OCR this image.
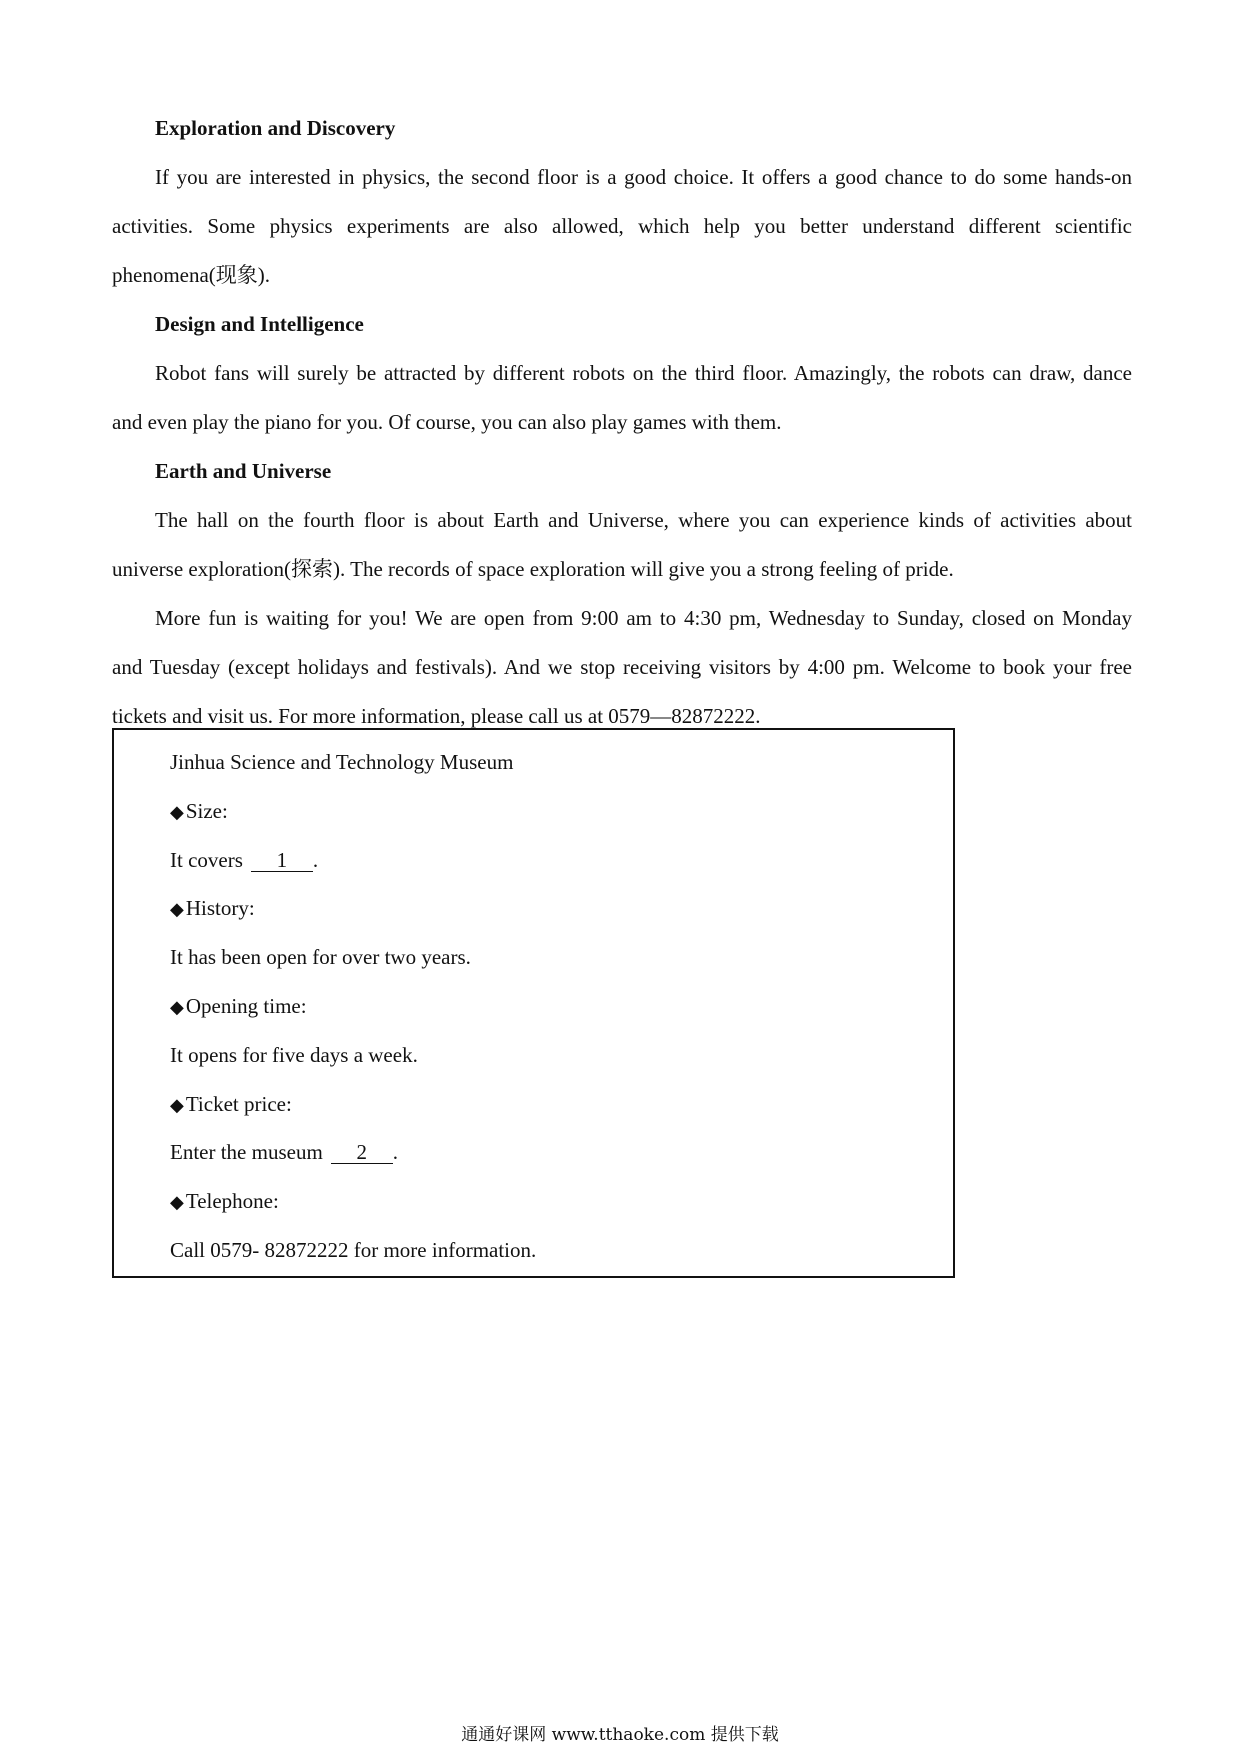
Exploration and Discovery
If you are interested in physics, the second floor is a good choice. It offers a good chance to do some hands-on
activities. Some physics experiments are also allowed, which help you better understand different scientific
phenomena(现象).
Design and Intelligence
Robot fans will surely be attracted by different robots on the third floor. Amazingly, the robots can draw, dance
and even play the piano for you. Of course, you can also play games with them.
Earth and Universe
The hall on the fourth floor is about Earth and Universe, where you can experience kinds of activities about
universe exploration(探索). The records of space exploration will give you a strong feeling of pride.
More fun is waiting for you! We are open from 9:00 am to 4:30 pm, Wednesday to Sunday, closed on Monday
and Tuesday (except holidays and festivals). And we stop receiving visitors by 4:00 pm. Welcome to book your free
tickets and visit us. For more information, please call us at 0579—82872222.
Jinhua Science and Technology Museum
◆Size:
It covers 1 .
◆History:
It has been open for over two years.
◆Opening time:
It opens for five days a week.
◆Ticket price:
Enter the museum 2 .
◆Telephone:
Call 0579- 82872222 for more information.
通通好课网 www.tthaoke.com 提供下载
